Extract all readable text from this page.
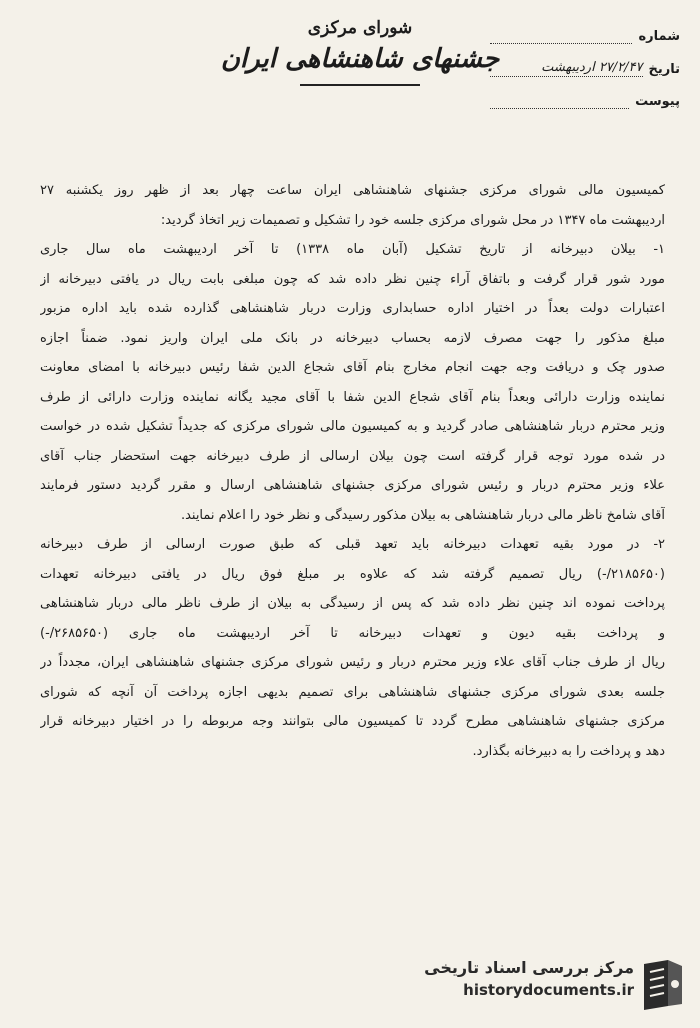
شورای مرکزی
جشنهای شاهنشاهی ایران
شماره
تاریخ
۲۷/۲/۴۷ اردیبهشت
پیوست
کمیسیون مالی شورای مرکزی جشنهای شاهنشاهی ایران ساعت چهار بعد از ظهر روز یکشنبه ۲۷
اردیبهشت ماه ۱۳۴۷ در محل شورای مرکزی جلسه خود را تشکیل و تصمیمات زیر اتخاذ گردید:
۱- بیلان دبیرخانه از تاریخ تشکیل (آبان ماه ۱۳۳۸) تا آخر اردیبهشت ماه سال جاری
مورد شور قرار گرفت و باتفاق آراء چنین نظر داده شد که چون مبلغی بابت ریال در یافتی دبیرخانه از
اعتبارات دولت بعداً در اختیار اداره حسابداری وزارت دربار شاهنشاهی گذارده شده باید اداره مزبور
مبلغ مذکور را جهت مصرف لازمه بحساب دبیرخانه در بانک ملی ایران واریز نمود. ضمناً اجازه
صدور چک و دریافت وجه جهت انجام مخارج بنام آقای شجاع الدین شفا رئیس دبیرخانه با امضای معاونت
نماینده وزارت دارائی وبعداً بنام آقای شجاع الدین شفا با آقای مجید یگانه نماینده وزارت دارائی از طرف
وزیر محترم دربار شاهنشاهی صادر گردید و به کمیسیون مالی شورای مرکزی که جدیداً تشکیل شده در خواست
در شده مورد توجه قرار گرفته است چون بیلان ارسالی از طرف دبیرخانه جهت استحضار جناب آقای
علاء وزیر محترم دربار و رئیس شورای مرکزی جشنهای شاهنشاهی ارسال و مقرر گردید دستور فرمایند
آقای شامخ ناظر مالی دربار شاهنشاهی به بیلان مذکور رسیدگی و نظر خود را اعلام نمایند.
۲- در مورد بقیه تعهدات دبیرخانه باید تعهد قبلی که طبق صورت ارسالی از طرف دبیرخانه
(۲۱۸۵۶۵۰/-) ریال تصمیم گرفته شد که علاوه بر مبلغ فوق ریال در یافتی دبیرخانه تعهدات
پرداخت نموده اند چنین نظر داده شد که پس از رسیدگی به بیلان از طرف ناظر مالی دربار شاهنشاهی
و پرداخت بقیه دیون و تعهدات دبیرخانه تا آخر اردیبهشت ماه جاری (۲۶۸۵۶۵۰/-)
ریال از طرف جناب آقای علاء وزیر محترم دربار و رئیس شورای مرکزی جشنهای شاهنشاهی ایران، مجدداً در
جلسه بعدی شورای مرکزی جشنهای شاهنشاهی برای تصمیم بدیهی اجازه پرداخت آن آنچه که شورای
مرکزی جشنهای شاهنشاهی مطرح گردد تا کمیسیون مالی بتوانند وجه مربوطه را در اختیار دبیرخانه قرار
دهد و پرداخت را به دبیرخانه بگذارد.
مرکز بررسی اسناد تاریخی
historydocuments.ir
